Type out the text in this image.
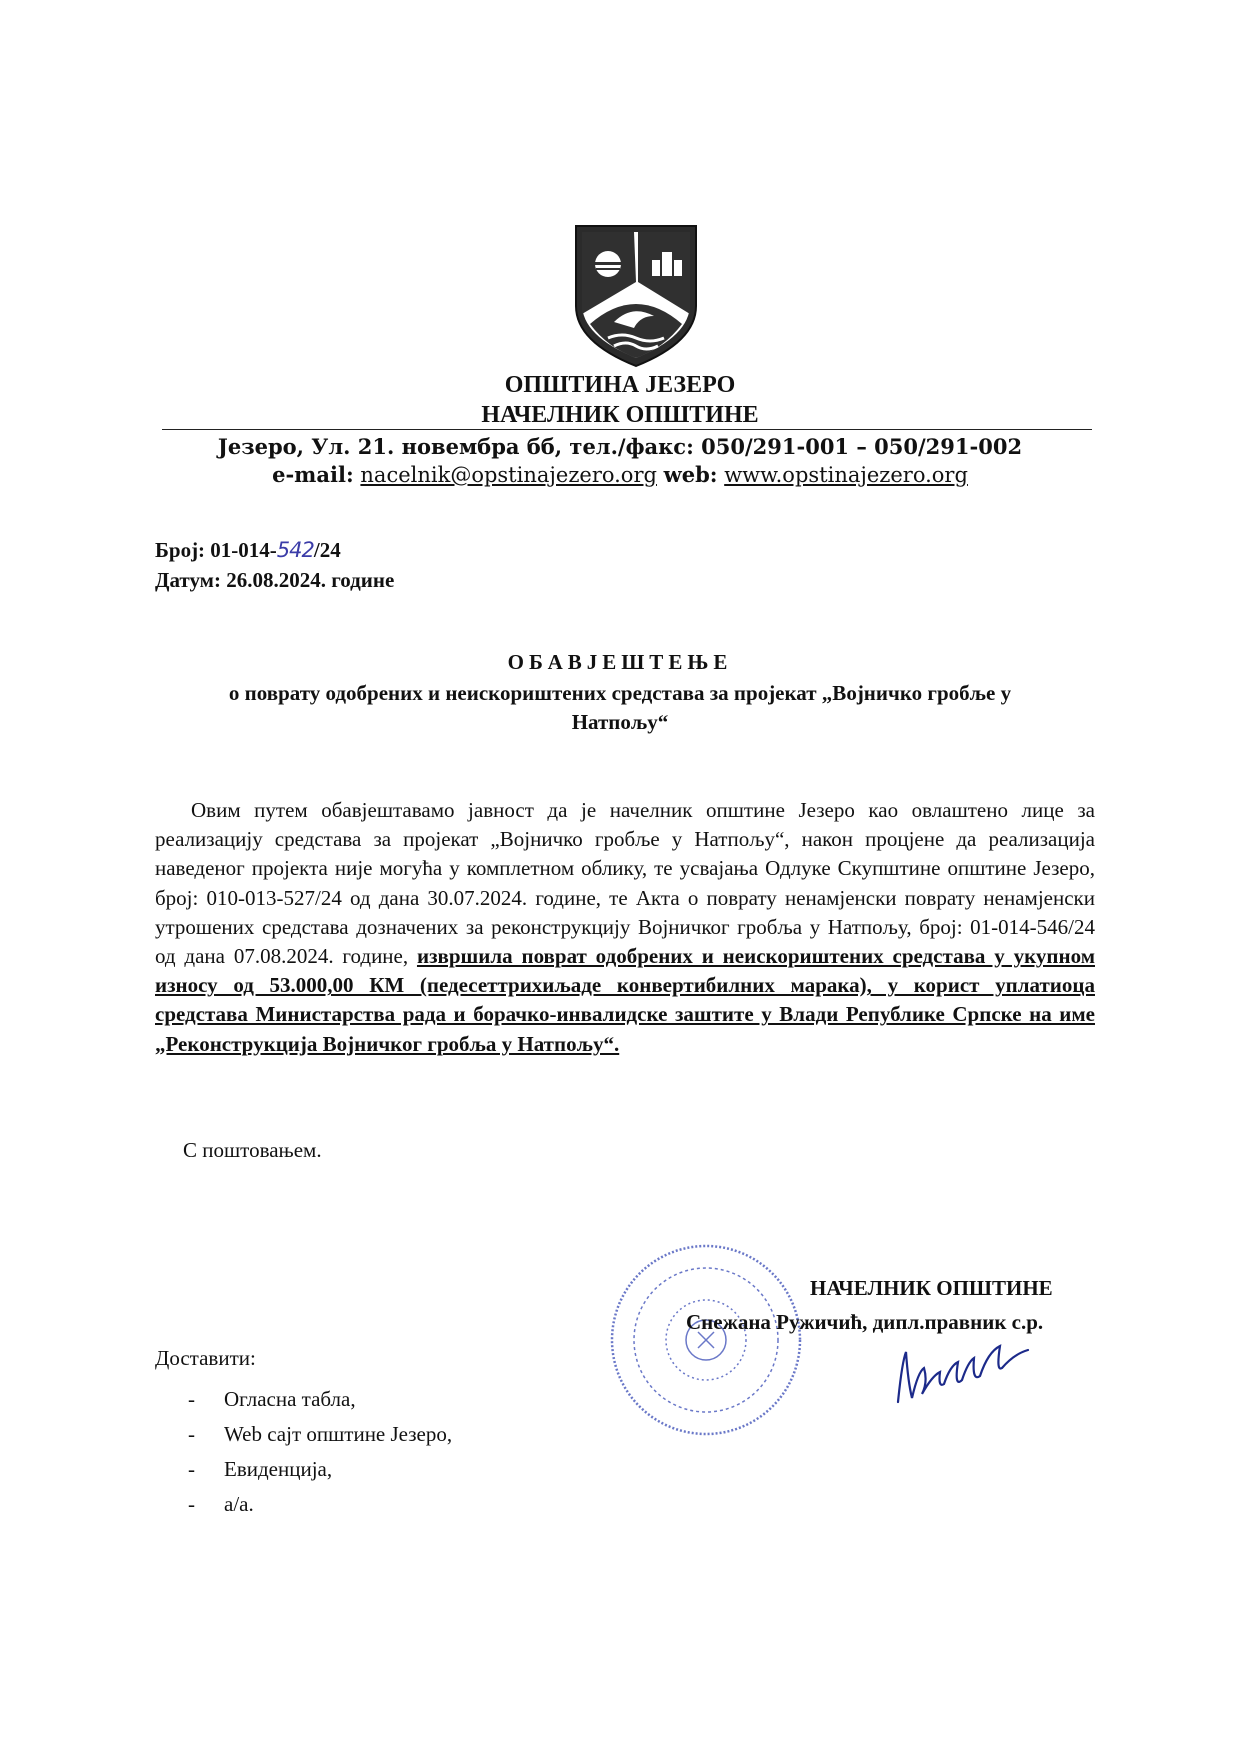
ОПШТИНА ЈЕЗЕРО
НАЧЕЛНИК ОПШТИНЕ
Језеро, Ул. 21. новембра бб, тел./факс: 050/291-001 – 050/291-002
e-mail: nacelnik@opstinajezero.org web: www.opstinajezero.org
Број: 01-014-542/24
Датум: 26.08.2024. године
ОБАВЈЕШТЕЊЕ
о поврату одобрених и неискориштених средстава за пројекат „Војничко гробље у
Натпољу“
Овим путем обавјештавамо јавност да је начелник општине Језеро као овлаштено лице за реализацију средстава за пројекат „Војничко гробље у Натпољу“, након процјене да реализација наведеног пројекта није могућа у комплетном облику, те усвајања Одлуке Скупштине општине Језеро, број: 010-013-527/24 од дана 30.07.2024. године, те Акта о поврату ненамјенски повратy ненамјенски утрошених средстава дозначених за реконструкцију Војничког гробља у Натпољу, број: 01-014-546/24 од дана 07.08.2024. године, извршила поврат одобрених и неискориштених средстава у укупном износу од 53.000,00 КМ (педесеттрихиљаде конвертибилних марака), у корист уплатиоца средстава Министарства рада и борачко-инвалидске заштите у Влади Републике Српске на име „Реконструкција Војничког гробља у Натпољу“.
С поштовањем.
НАЧЕЛНИК ОПШТИНЕ
Снежана Ружичић, дипл.правник с.р.
Доставити:
- Огласна табла,
- Web сајт општине Језеро,
- Евиденција,
- а/а.
